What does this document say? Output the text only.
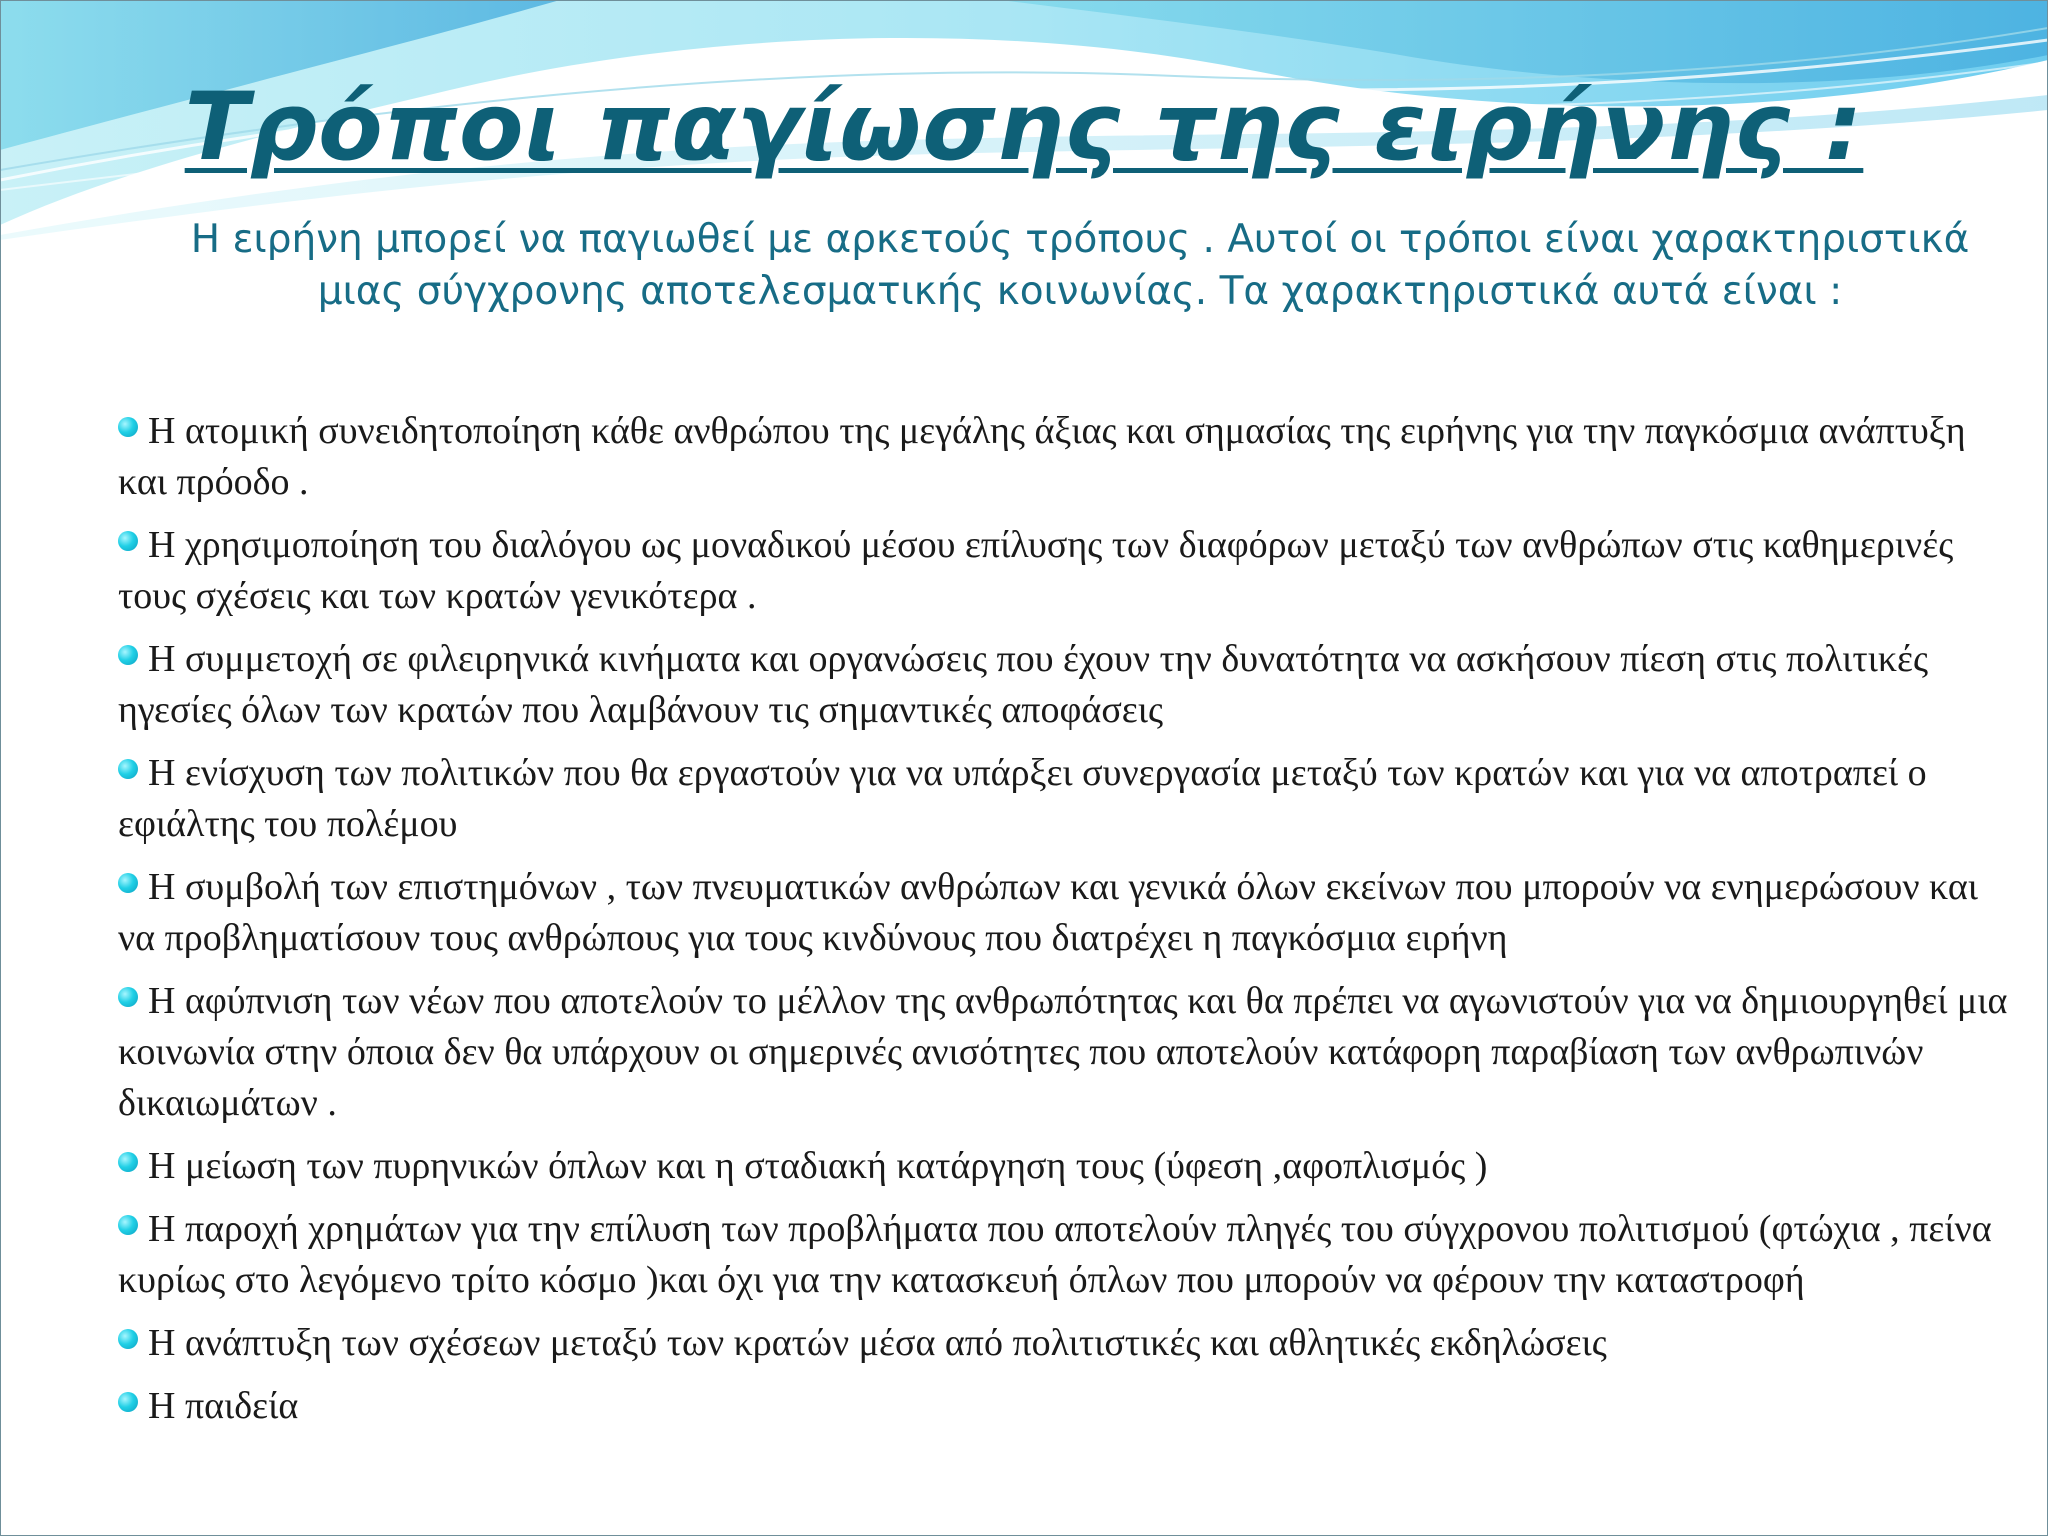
Τρόποι παγίωσης της ειρήνης :
Η ειρήνη μπορεί να παγιωθεί με αρκετούς τρόπους . Αυτοί οι τρόποι είναι χαρακτηριστικά μιας σύγχρονης αποτελεσματικής κοινωνίας. Τα χαρακτηριστικά αυτά είναι :
Η ατομική συνειδητοποίηση κάθε ανθρώπου της μεγάλης άξιας και σημασίας της ειρήνης για την παγκόσμια ανάπτυξη και πρόοδο .
Η χρησιμοποίηση του διαλόγου ως μοναδικού μέσου επίλυσης των διαφόρων μεταξύ των ανθρώπων στις καθημερινές τους σχέσεις και των κρατών γενικότερα .
Η συμμετοχή σε φιλειρηνικά κινήματα και οργανώσεις που έχουν την δυνατότητα να ασκήσουν πίεση στις πολιτικές ηγεσίες όλων των κρατών που λαμβάνουν τις σημαντικές αποφάσεις
Η ενίσχυση των πολιτικών που θα εργαστούν για να υπάρξει συνεργασία μεταξύ των κρατών και για να αποτραπεί ο εφιάλτης του πολέμου
Η συμβολή των επιστημόνων , των πνευματικών ανθρώπων και γενικά όλων εκείνων που μπορούν να ενημερώσουν και να προβληματίσουν τους ανθρώπους για τους κινδύνους που διατρέχει η παγκόσμια ειρήνη
Η αφύπνιση των νέων που αποτελούν το μέλλον της ανθρωπότητας και θα πρέπει να αγωνιστούν για να δημιουργηθεί μια κοινωνία στην όποια δεν θα υπάρχουν οι σημερινές ανισότητες που αποτελούν κατάφορη παραβίαση των ανθρωπινών δικαιωμάτων .
Η μείωση των πυρηνικών όπλων και η σταδιακή κατάργηση τους (ύφεση ,αφοπλισμός )
Η παροχή χρημάτων για την επίλυση των προβλήματα που αποτελούν πληγές του σύγχρονου πολιτισμού (φτώχια , πείνα κυρίως στο λεγόμενο τρίτο κόσμο )και όχι για την κατασκευή όπλων που μπορούν να φέρουν την καταστροφή
Η ανάπτυξη των σχέσεων μεταξύ των κρατών μέσα από πολιτιστικές και αθλητικές εκδηλώσεις
Η παιδεία
